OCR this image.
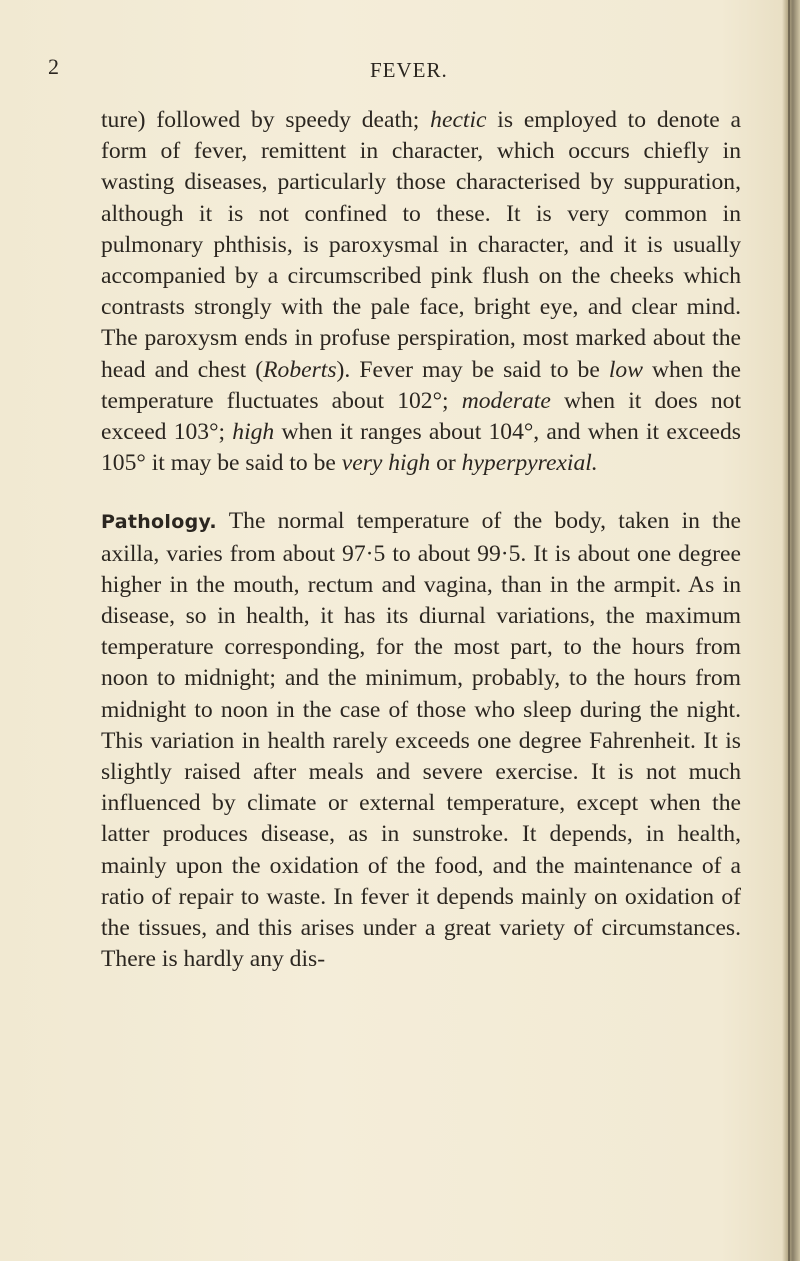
2	FEVER.

ture) followed by speedy death; hectic is employed to denote a form of fever, remittent in character, which occurs chiefly in wasting diseases, particularly those characterised by suppuration, although it is not confined to these. It is very common in pulmonary phthisis, is paroxysmal in character, and it is usually accompanied by a circumscribed pink flush on the cheeks which contrasts strongly with the pale face, bright eye, and clear mind. The paroxysm ends in profuse perspiration, most marked about the head and chest (Roberts). Fever may be said to be low when the temperature fluctuates about 102°; moderate when it does not exceed 103°; high when it ranges about 104°, and when it exceeds 105° it may be said to be very high or hyperpyrexial.

Pathology. The normal temperature of the body, taken in the axilla, varies from about 97·5 to about 99·5. It is about one degree higher in the mouth, rectum and vagina, than in the armpit. As in disease, so in health, it has its diurnal variations, the maximum temperature corresponding, for the most part, to the hours from noon to midnight; and the minimum, probably, to the hours from midnight to noon in the case of those who sleep during the night. This variation in health rarely exceeds one degree Fahrenheit. It is slightly raised after meals and severe exercise. It is not much influenced by climate or external temperature, except when the latter produces disease, as in sunstroke. It depends, in health, mainly upon the oxidation of the food, and the maintenance of a ratio of repair to waste. In fever it depends mainly on oxidation of the tissues, and this arises under a great variety of circumstances. There is hardly any dis-
